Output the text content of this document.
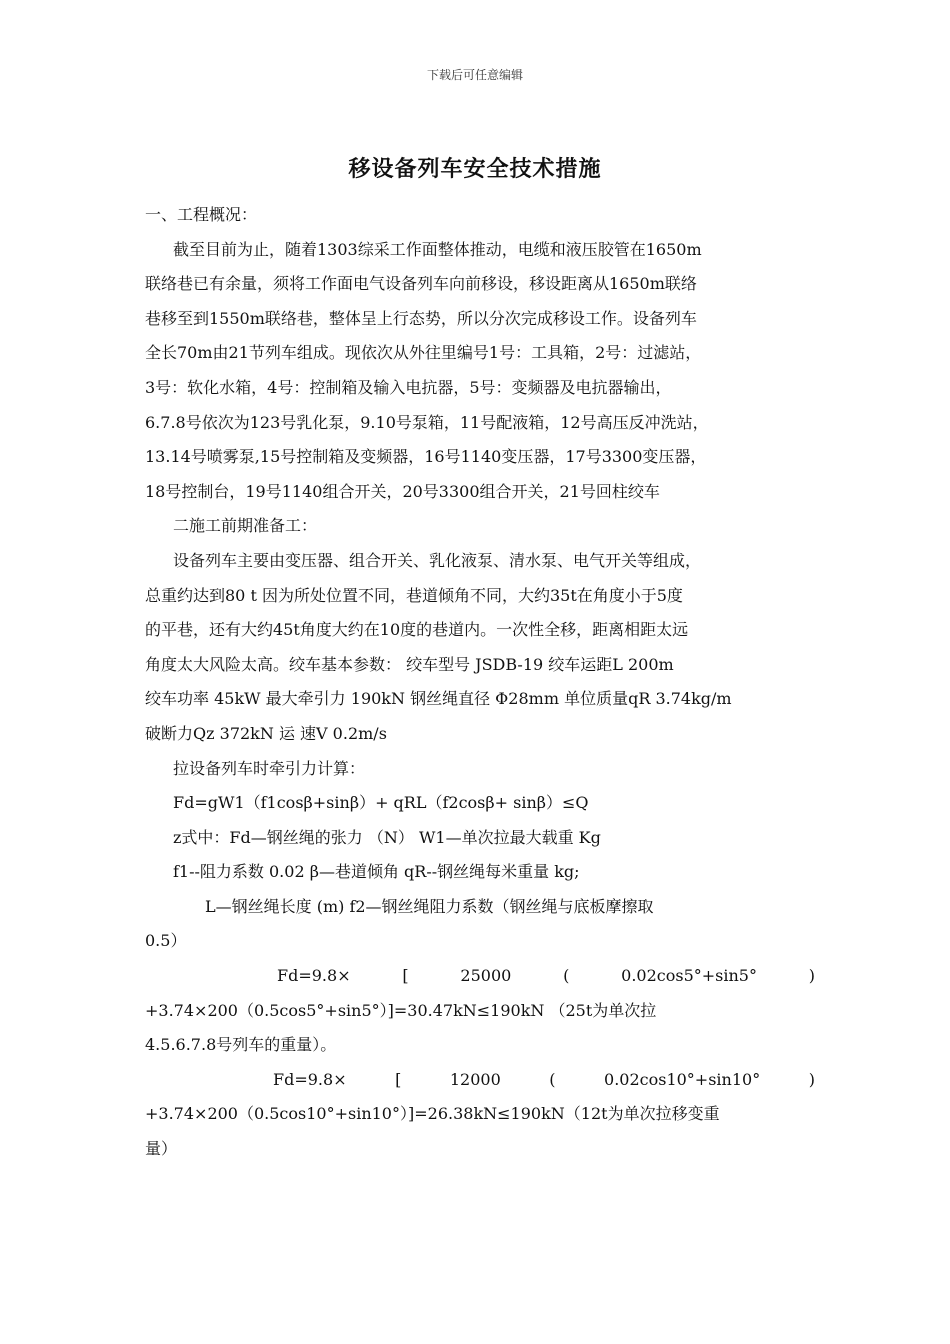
下载后可任意编辑
移设备列车安全技术措施
一、工程概况：
截至目前为止，随着1303综采工作面整体推动，电缆和液压胶管在1650m
联络巷已有余量，须将工作面电气设备列车向前移设，移设距离从1650m联络
巷移至到1550m联络巷，整体呈上行态势，所以分次完成移设工作。设备列车
全长70m由21节列车组成。现依次从外往里编号1号：工具箱，2号：过滤站，
3号：软化水箱，4号：控制箱及输入电抗器，5号：变频器及电抗器输出，
6.7.8号依次为123号乳化泵，9.10号泵箱，11号配液箱，12号高压反冲洗站，
13.14号喷雾泵,15号控制箱及变频器，16号1140变压器，17号3300变压器，
18号控制台，19号1140组合开关，20号3300组合开关，21号回柱绞车
二施工前期准备工：
设备列车主要由变压器、组合开关、乳化液泵、清水泵、电气开关等组成，
总重约达到80 t 因为所处位置不同，巷道倾角不同，大约35t在角度小于5度
的平巷，还有大约45t角度大约在10度的巷道内。一次性全移，距离相距太远
角度太大风险太高。绞车基本参数： 绞车型号 JSDB-19 绞车运距L 200m
绞车功率 45kW 最大牵引力 190kN 钢丝绳直径 Φ28mm 单位质量qR 3.74kg/m
破断力Qz 372kN 运 速V 0.2m/s
拉设备列车时牵引力计算：
Fd=gW1（f1cosβ+sinβ）+ qRL（f2cosβ+ sinβ）≤Q
z式中：Fd—钢丝绳的张力 （N） W1—单次拉最大载重 Kg
f1--阻力系数 0.02 β—巷道倾角 qR--钢丝绳每米重量 kg;
L—钢丝绳长度 (m) f2—钢丝绳阻力系数（钢丝绳与底板摩擦取
0.5）
Fd=9.8×	[	25000	(	0.02cos5°+sin5°	)
+3.74×200（0.5cos5°+sin5°）]=30.47kN≤190kN （25t为单次拉
4.5.6.7.8号列车的重量）。
Fd=9.8×	[	12000	(	0.02cos10°+sin10°	)
+3.74×200（0.5cos10°+sin10°）]=26.38kN≤190kN（12t为单次拉移变重
量）
